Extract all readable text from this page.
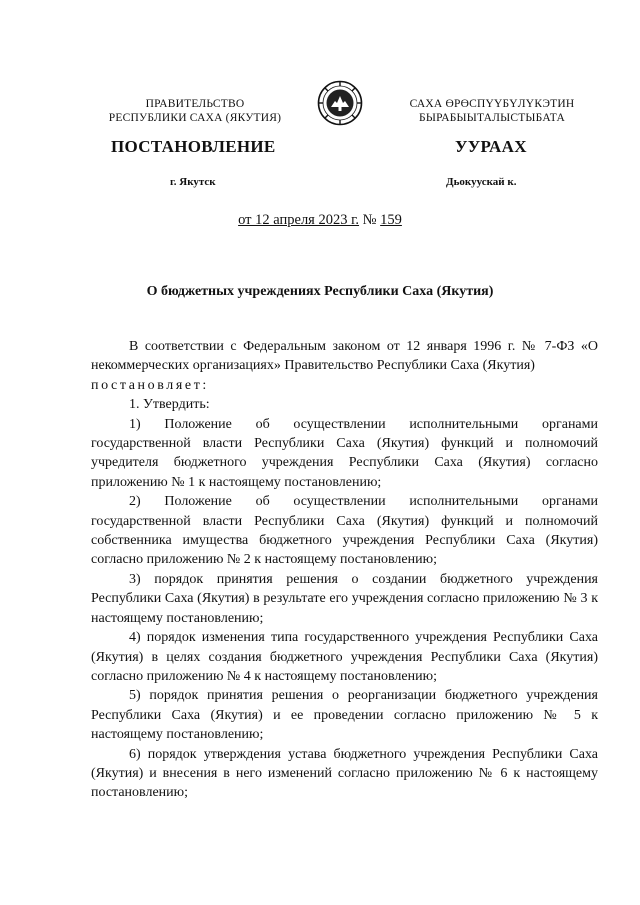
ПРАВИТЕЛЬСТВО
РЕСПУБЛИКИ САХА (ЯКУТИЯ)
САХА ӨРӨСПҮҮБҮЛҮКЭТИН
БЫРАБЫЫТАЛЫСТЫБАТА
ПОСТАНОВЛЕНИЕ	УУРААХ
г. Якутск	Дьокуускай к.
от 12 апреля 2023 г. № 159
О бюджетных учреждениях Республики Саха (Якутия)

В соответствии с Федеральным законом от 12 января 1996 г. № 7-ФЗ «О некоммерческих организациях» Правительство Республики Саха (Якутия)

постановляет:

1. Утвердить:

1) Положение об осуществлении исполнительными органами государственной власти Республики Саха (Якутия) функций и полномочий учредителя бюджетного учреждения Республики Саха (Якутия) согласно приложению № 1 к настоящему постановлению;

2) Положение об осуществлении исполнительными органами государственной власти Республики Саха (Якутия) функций и полномочий собственника имущества бюджетного учреждения Республики Саха (Якутия) согласно приложению № 2 к настоящему постановлению;

3) порядок принятия решения о создании бюджетного учреждения Республики Саха (Якутия) в результате его учреждения согласно приложению № 3 к настоящему постановлению;

4) порядок изменения типа государственного учреждения Республики Саха (Якутия) в целях создания бюджетного учреждения Республики Саха (Якутия) согласно приложению № 4 к настоящему постановлению;

5) порядок принятия решения о реорганизации бюджетного учреждения Республики Саха (Якутия) и ее проведении согласно приложению № 5 к настоящему постановлению;

6) порядок утверждения устава бюджетного учреждения Республики Саха (Якутия) и внесения в него изменений согласно приложению № 6 к настоящему постановлению;
